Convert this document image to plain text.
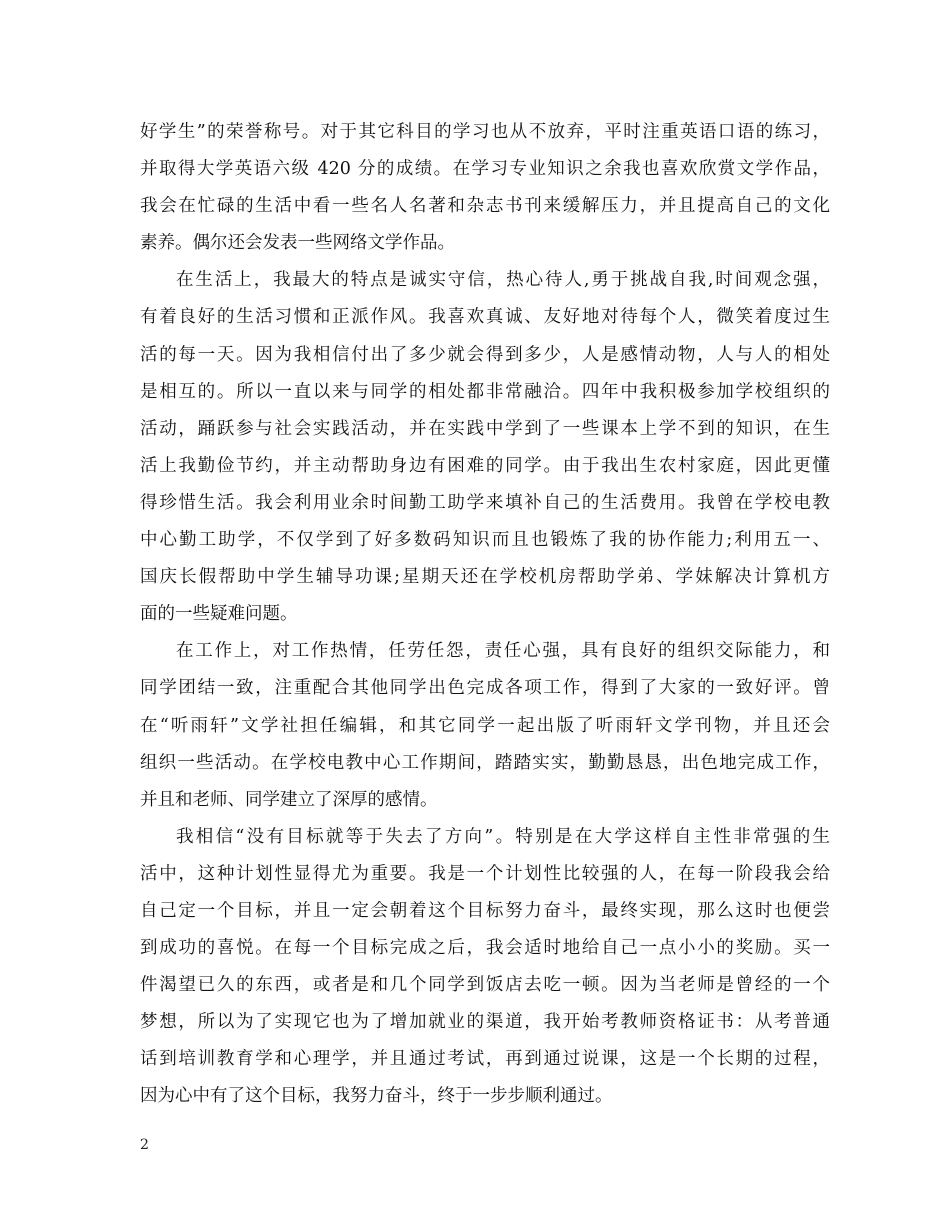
好学生”的荣誉称号。对于其它科目的学习也从不放弃，平时注重英语口语的练习，
并取得大学英语六级 420 分的成绩。在学习专业知识之余我也喜欢欣赏文学作品，
我会在忙碌的生活中看一些名人名著和杂志书刊来缓解压力，并且提高自己的文化
素养。偶尔还会发表一些网络文学作品。
在生活上，我最大的特点是诚实守信，热心待人,勇于挑战自我,时间观念强，
有着良好的生活习惯和正派作风。我喜欢真诚、友好地对待每个人，微笑着度过生
活的每一天。因为我相信付出了多少就会得到多少，人是感情动物，人与人的相处
是相互的。所以一直以来与同学的相处都非常融洽。四年中我积极参加学校组织的
活动，踊跃参与社会实践活动，并在实践中学到了一些课本上学不到的知识，在生
活上我勤俭节约，并主动帮助身边有困难的同学。由于我出生农村家庭，因此更懂
得珍惜生活。我会利用业余时间勤工助学来填补自己的生活费用。我曾在学校电教
中心勤工助学，不仅学到了好多数码知识而且也锻炼了我的协作能力;利用五一、
国庆长假帮助中学生辅导功课;星期天还在学校机房帮助学弟、学妹解决计算机方
面的一些疑难问题。
在工作上，对工作热情，任劳任怨，责任心强，具有良好的组织交际能力，和
同学团结一致，注重配合其他同学出色完成各项工作，得到了大家的一致好评。曾
在“听雨轩”文学社担任编辑，和其它同学一起出版了听雨轩文学刊物，并且还会
组织一些活动。在学校电教中心工作期间，踏踏实实，勤勤恳恳，出色地完成工作，
并且和老师、同学建立了深厚的感情。
我相信“没有目标就等于失去了方向”。特别是在大学这样自主性非常强的生
活中，这种计划性显得尤为重要。我是一个计划性比较强的人，在每一阶段我会给
自己定一个目标，并且一定会朝着这个目标努力奋斗，最终实现，那么这时也便尝
到成功的喜悦。在每一个目标完成之后，我会适时地给自己一点小小的奖励。买一
件渴望已久的东西，或者是和几个同学到饭店去吃一顿。因为当老师是曾经的一个
梦想，所以为了实现它也为了增加就业的渠道，我开始考教师资格证书：从考普通
话到培训教育学和心理学，并且通过考试，再到通过说课，这是一个长期的过程，
因为心中有了这个目标，我努力奋斗，终于一步步顺利通过。
2
